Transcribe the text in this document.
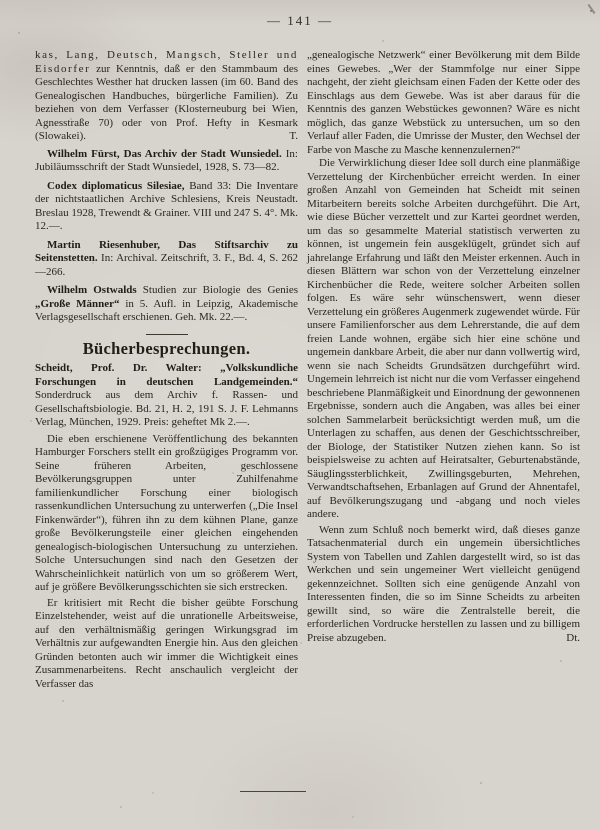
— 141 —

kas, Lang, Deutsch, Mangsch, Steller und Eisdorfer zur Kenntnis, daß er den Stammbaum des Geschlechtes Westher hat drucken lassen (im 60. Band des Genealogischen Handbuches, bürgerliche Familien). Zu beziehen von dem Verfasser (Klosterneuburg bei Wien, Agnesstraße 70) oder von Prof. Hefty in Kesmark (Slowakei).	T.

Wilhelm Fürst, Das Archiv der Stadt Wunsiedel. In: Jubiläumsschrift der Stadt Wunsiedel, 1928, S. 73—82.

Codex diplomaticus Silesiae, Band 33: Die Inventare der nichtstaatlichen Archive Schlesiens, Kreis Neustadt. Breslau 1928, Trewendt & Grainer. VIII und 247 S. 4°. Mk. 12.—.

Martin Riesenhuber, Das Stiftsarchiv zu Seitenstetten. In: Archival. Zeitschrift, 3. F., Bd. 4, S. 262—266.

Wilhelm Ostwalds Studien zur Biologie des Genies „Große Männer“ in 5. Aufl. in Leipzig, Akademische Verlagsgesellschaft erschienen. Geh. Mk. 22.—.

Bücherbesprechungen.

Scheidt, Prof. Dr. Walter: „Volkskundliche Forschungen in deutschen Landgemeinden.“ Sonderdruck aus dem Archiv f. Rassen- und Gesellschaftsbiologie. Bd. 21, H. 2, 191 S. J. F. Lehmanns Verlag, München, 1929. Preis: geheftet Mk 2.—.

Die eben erschienene Veröffentlichung des bekannten Hamburger Forschers stellt ein großzügiges Programm vor. Seine früheren Arbeiten, geschlossene Bevölkerungsgruppen unter Zuhilfenahme familienkundlicher Forschung einer biologisch rassenkundlichen Untersuchung zu unterwerfen („Die Insel Finkenwärder“), führen ihn zu dem kühnen Plane, ganze große Bevölkerungsteile einer gleichen eingehenden genealogisch-biologischen Untersuchung zu unterziehen. Solche Untersuchungen sind nach den Gesetzen der Wahrscheinlichkeit natürlich von um so größerem Wert, auf je größere Bevölkerungsschichten sie sich erstrecken.

Er kritisiert mit Recht die bisher geübte Forschung Einzelstehender, weist auf die unrationelle Arbeitsweise, auf den verhältnismäßig geringen Wirkungsgrad im Verhältnis zur aufgewandten Energie hin. Aus den gleichen Gründen betonten auch wir immer die Wichtigkeit eines Zusammenarbeitens. Recht anschaulich vergleicht der Verfasser das

„genealogische Netzwerk“ einer Bevölkerung mit dem Bilde eines Gewebes. „Wer der Stammfolge nur einer Sippe nachgeht, der zieht gleichsam einen Faden der Kette oder des Einschlags aus dem Gewebe. Was ist aber daraus für die Kenntnis des ganzen Webstückes gewonnen? Wäre es nicht möglich, das ganze Webstück zu untersuchen, um so den Verlauf aller Faden, die Umrisse der Muster, den Wechsel der Farbe von Masche zu Masche kennenzulernen?“

Die Verwirklichung dieser Idee soll durch eine planmäßige Verzettelung der Kirchenbücher erreicht werden. In einer großen Anzahl von Gemeinden hat Scheidt mit seinen Mitarbeitern bereits solche Arbeiten durchgeführt. Die Art, wie diese Bücher verzettelt und zur Kartei geordnet werden, um das so gesammelte Material statistisch verwerten zu können, ist ungemein fein ausgeklügelt, gründet sich auf jahrelange Erfahrung und läßt den Meister erkennen. Auch in diesen Blättern war schon von der Verzettelung einzelner Kirchenbücher die Rede, weitere solcher Arbeiten sollen folgen. Es wäre sehr wünschenswert, wenn dieser Verzettelung ein größeres Augenmerk zugewendet würde. Für unsere Familienforscher aus dem Lehrerstande, die auf dem freien Lande wohnen, ergäbe sich hier eine schöne und ungemein dankbare Arbeit, die aber nur dann vollwertig wird, wenn sie nach Scheidts Grundsätzen durchgeführt wird. Ungemein lehrreich ist nicht nur die vom Verfasser eingehend beschriebene Planmäßigkeit und Einordnung der gewonnenen Ergebnisse, sondern auch die Angaben, was alles bei einer solchen Sammelarbeit berücksichtigt werden muß, um die Unterlagen zu schaffen, aus denen der Geschichtsschreiber, der Biologe, der Statistiker Nutzen ziehen kann. So ist beispielsweise zu achten auf Heiratsalter, Geburtenabstände, Säuglingssterblichkeit, Zwillingsgeburten, Mehrehen, Verwandtschaftsehen, Erbanlagen auf Grund der Ahnentafel, auf Bevölkerungszugang und -abgang und noch vieles andere.

Wenn zum Schluß noch bemerkt wird, daß dieses ganze Tatsachenmaterial durch ein ungemein übersichtliches System von Tabellen und Zahlen dargestellt wird, so ist das Werkchen und sein ungemeiner Wert vielleicht genügend gekennzeichnet. Sollten sich eine genügende Anzahl von Interessenten finden, die so im Sinne Scheidts zu arbeiten gewillt sind, so wäre die Zentralstelle bereit, die erforderlichen Vordrucke herstellen zu lassen und zu billigem Preise abzugeben.	Dt.
